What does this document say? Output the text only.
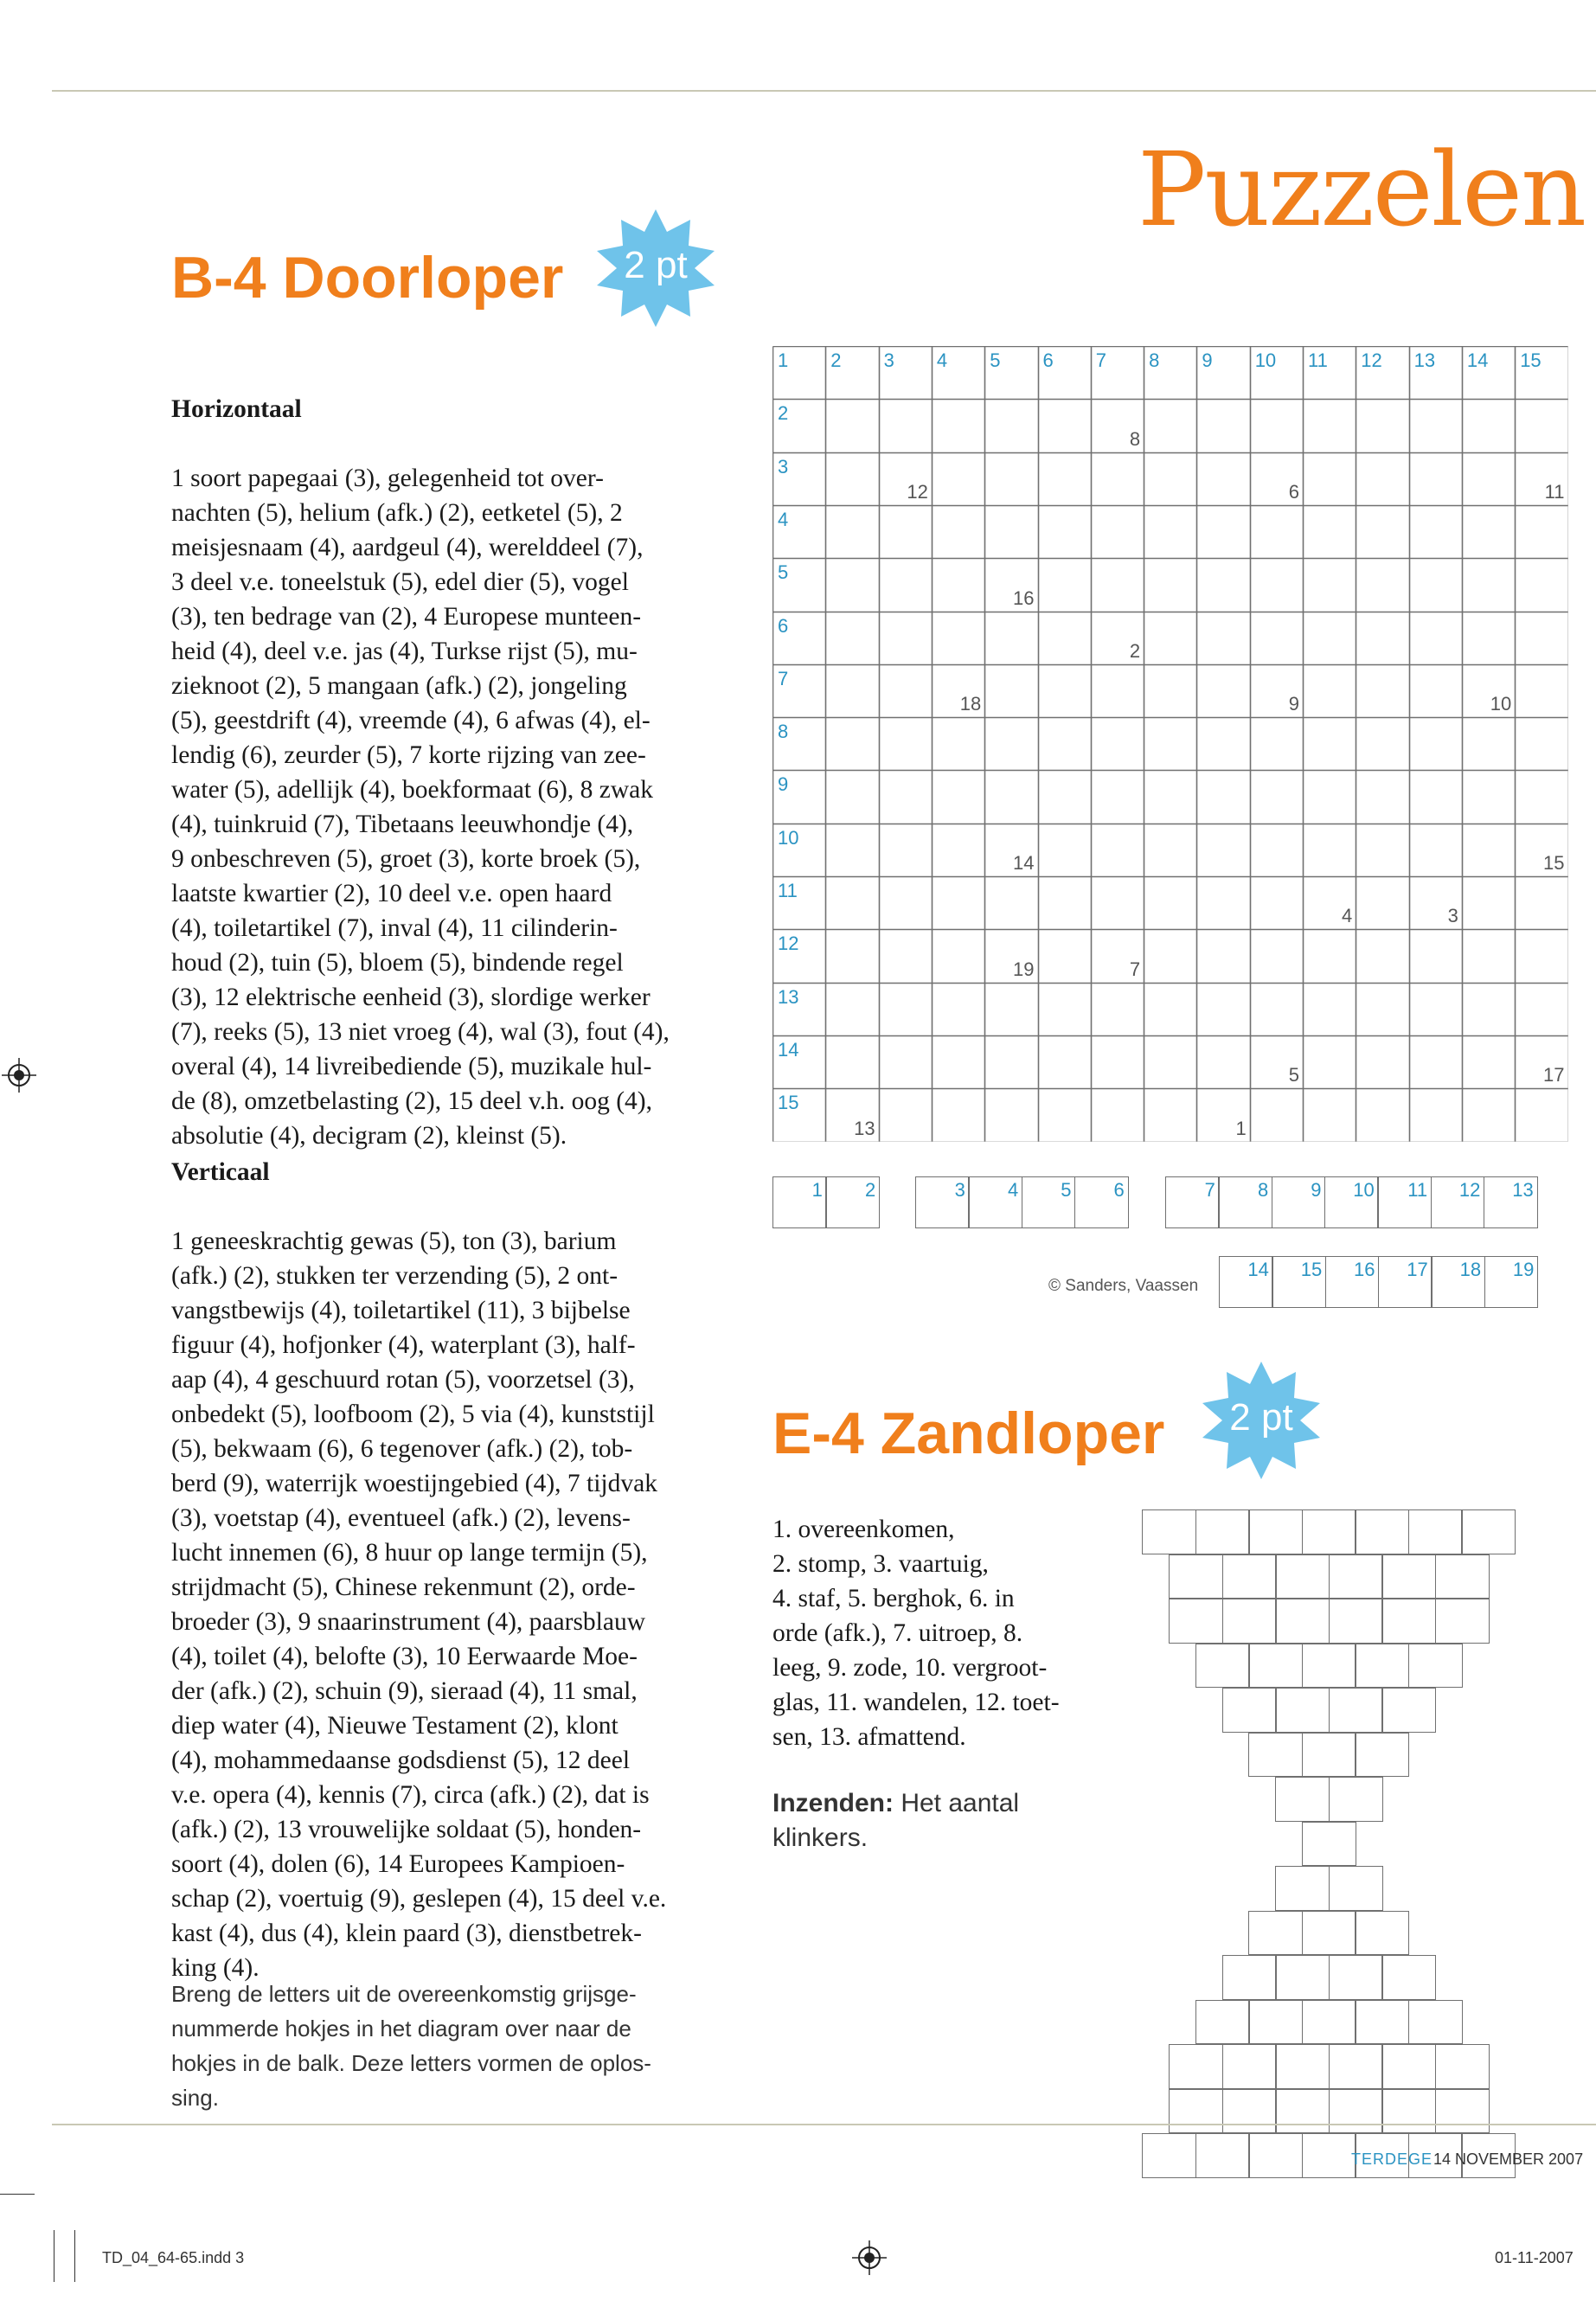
Puzzelen
B-4 Doorloper	2 pt

Horizontaal

1 soort papegaai (3), gelegenheid tot over-
nachten (5), helium (afk.) (2), eetketel (5), 2
meisjesnaam (4), aardgeul (4), werelddeel (7),
3 deel v.e. toneelstuk (5), edel dier (5), vogel
(3), ten bedrage van (2), 4 Europese munteen-
heid (4), deel v.e. jas (4), Turkse rijst (5), mu-
zieknoot (2), 5 mangaan (afk.) (2), jongeling
(5), geestdrift (4), vreemde (4), 6 afwas (4), el-
lendig (6), zeurder (5), 7 korte rijzing van zee-
water (5), adellijk (4), boekformaat (6), 8 zwak
(4), tuinkruid (7), Tibetaans leeuwhondje (4),
9 onbeschreven (5), groet (3), korte broek (5),
laatste kwartier (2), 10 deel v.e. open haard
(4), toiletartikel (7), inval (4), 11 cilinderin-
houd (2), tuin (5), bloem (5), bindende regel
(3), 12 elektrische eenheid (3), slordige werker
(7), reeks (5), 13 niet vroeg (4), wal (3), fout (4),
overal (4), 14 livreibediende (5), muzikale hul-
de (8), omzetbelasting (2), 15 deel v.h. oog (4),
absolutie (4), decigram (2), kleinst (5).

Verticaal

1 geneeskrachtig gewas (5), ton (3), barium
(afk.) (2), stukken ter verzending (5), 2 ont-
vangstbewijs (4), toiletartikel (11), 3 bijbelse
figuur (4), hofjonker (4), waterplant (3), half-
aap (4), 4 geschuurd rotan (5), voorzetsel (3),
onbedekt (5), loofboom (2), 5 via (4), kunststijl
(5), bekwaam (6), 6 tegenover (afk.) (2), tob-
berd (9), waterrijk woestijngebied (4), 7 tijdvak
(3), voetstap (4), eventueel (afk.) (2), levens-
lucht innemen (6), 8 huur op lange termijn (5),
strijdmacht (5), Chinese rekenmunt (2), orde-
broeder (3), 9 snaarinstrument (4), paarsblauw
(4), toilet (4), belofte (3), 10 Eerwaarde Moe-
der (afk.) (2), schuin (9), sieraad (4), 11 smal,
diep water (4), Nieuwe Testament (2), klont
(4), mohammedaanse godsdienst (5), 12 deel
v.e. opera (4), kennis (7), circa (afk.) (2), dat is
(afk.) (2), 13 vrouwelijke soldaat (5), honden-
soort (4), dolen (6), 14 Europees Kampioen-
schap (2), voertuig (9), geslepen (4), 15 deel v.e.
kast (4), dus (4), klein paard (3), dienstbetrek-
king (4).

Breng de letters uit de overeenkomstig grijsge-
nummerde hokjes in het diagram over naar de
hokjes in de balk. Deze letters vormen de oplos-
sing.
1 2 3 4 5 6 7 8 9 10 11 12 13 14 15
2
3
4
5
6
7
8
9
10
11
12
13
14
15
8
12	6	11
16
2
18	9	10
14	15
4	3
19	7
5	17
13	1
1 2	3 4 5 6	7 8 9 10 11 12 13
14 15 16 17 18 19
© Sanders, Vaassen
E-4 Zandloper	2 pt
1. overeenkomen,
2. stomp, 3. vaartuig,
4. staf, 5. berghok, 6. in
orde (afk.), 7. uitroep, 8.
leeg, 9. zode, 10. vergroot-
glas, 11. wandelen, 12. toet-
sen, 13. afmattend.
Inzenden: Het aantal klinkers.
TERDEGE 14 NOVEMBER 2007
TD_04_64-65.indd 3	01-11-2007
